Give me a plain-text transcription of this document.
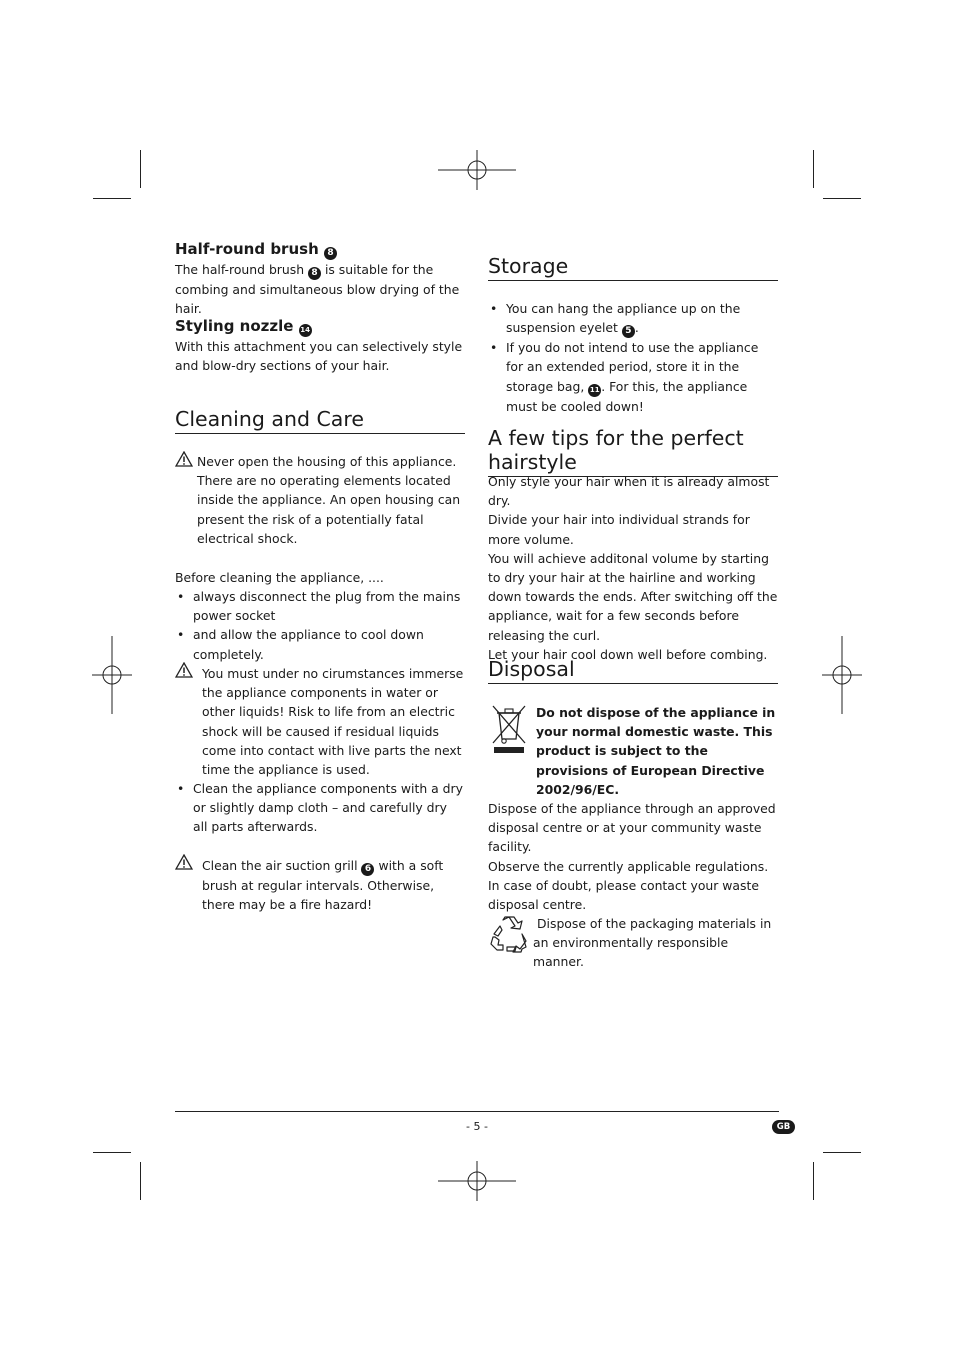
Half-round brush 8

The half-round brush 8 is suitable for the combing and simultaneous blow drying of the hair.

Styling nozzle 14

With this attachment you can selectively style and blow-dry sections of your hair.

Cleaning and Care

Never open the housing of this appliance. There are no operating elements located inside the appliance. An open housing can present the risk of a potentially fatal electrical shock.

Before cleaning the appliance, ....

• always disconnect the plug from the mains power socket
• and allow the appliance to cool down completely.

You must under no cirumstances immerse the appliance components in water or other liquids! Risk to life from an electric shock will be caused if residual liquids come into contact with live parts the next time the appliance is used.

• Clean the appliance components with a dry or slightly damp cloth – and carefully dry all parts afterwards.

Clean the air suction grill 6 with a soft brush at regular intervals. Otherwise, there may be a fire hazard!

Storage
• You can hang the appliance up on the suspension eyelet 5 .
• If you do not intend to use the appliance for an extended period, store it in the storage bag, 11 . For this, the appliance must be cooled down!
A few tips for the perfect hairstyle

Only style your hair when it is already almost dry.

Divide your hair into individual strands for more volume.

You will achieve additonal volume by starting to dry your hair at the hairline and working down towards the ends. After switching off the appliance, wait for a few seconds before releasing the curl.

Let your hair cool down well before combing.

Disposal

Do not dispose of the appliance in your normal domestic waste. This product is subject to the provisions of European Directive 2002/96/EC.

Dispose of the appliance through an approved disposal centre or at your community waste facility.

Observe the currently applicable regulations.

In case of doubt, please contact your waste disposal centre.

Dispose of the packaging materials in an environmentally responsible manner.

- 5 -	GB
